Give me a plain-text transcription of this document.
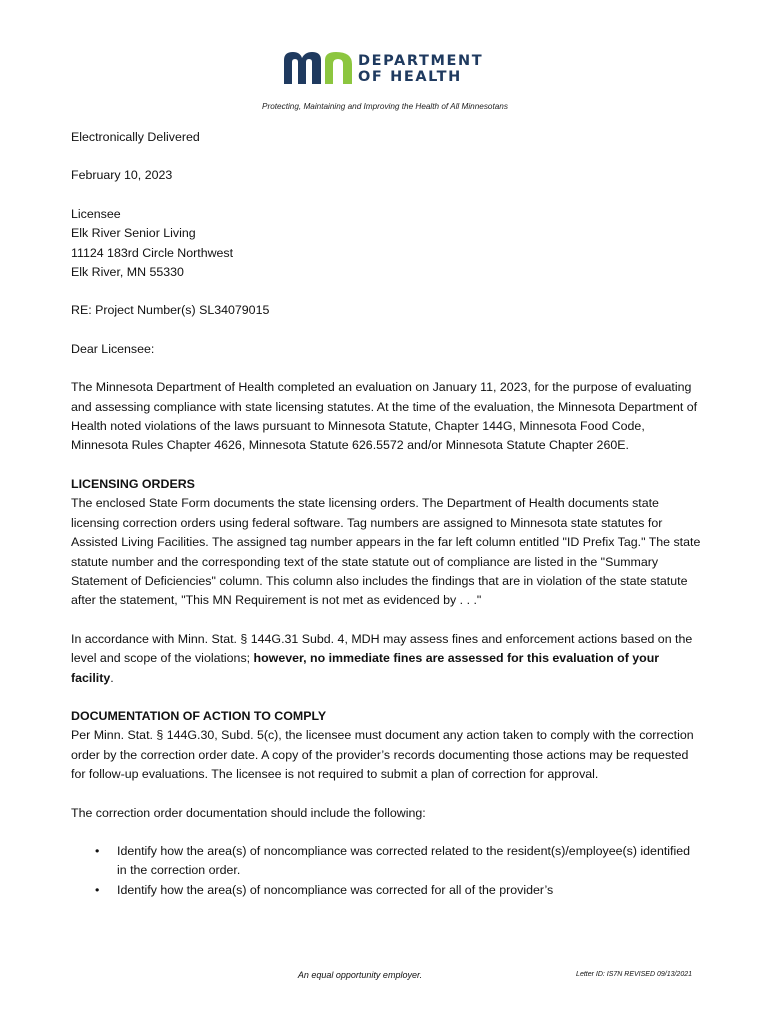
DEPARTMENT
OF HEALTH
Protecting, Maintaining and Improving the Health of All Minnesotans

Electronically Delivered

February 10, 2023

Licensee
Elk River Senior Living
11124 183rd Circle Northwest
Elk River, MN 55330

RE: Project Number(s) SL34079015

Dear Licensee:

The Minnesota Department of Health completed an evaluation on January 11, 2023, for the purpose of evaluating and assessing compliance with state licensing statutes. At the time of the evaluation, the Minnesota Department of Health noted violations of the laws pursuant to Minnesota Statute, Chapter 144G, Minnesota Food Code, Minnesota Rules Chapter 4626, Minnesota Statute 626.5572 and/or Minnesota Statute Chapter 260E.

LICENSING ORDERS
The enclosed State Form documents the state licensing orders. The Department of Health documents state licensing correction orders using federal software. Tag numbers are assigned to Minnesota state statutes for Assisted Living Facilities. The assigned tag number appears in the far left column entitled "ID Prefix Tag." The state statute number and the corresponding text of the state statute out of compliance are listed in the "Summary Statement of Deficiencies" column. This column also includes the findings that are in violation of the state statute after the statement, "This MN Requirement is not met as evidenced by . . ."

In accordance with Minn. Stat. § 144G.31 Subd. 4, MDH may assess fines and enforcement actions based on the level and scope of the violations; however, no immediate fines are assessed for this evaluation of your facility.

DOCUMENTATION OF ACTION TO COMPLY
Per Minn. Stat. § 144G.30, Subd. 5(c), the licensee must document any action taken to comply with the correction order by the correction order date. A copy of the provider’s records documenting those actions may be requested for follow-up evaluations. The licensee is not required to submit a plan of correction for approval.

The correction order documentation should include the following:

• Identify how the area(s) of noncompliance was corrected related to the resident(s)/employee(s) identified in the correction order.
• Identify how the area(s) of noncompliance was corrected for all of the provider’s
An equal opportunity employer.	Letter ID: IS7N REVISED 09/13/2021
